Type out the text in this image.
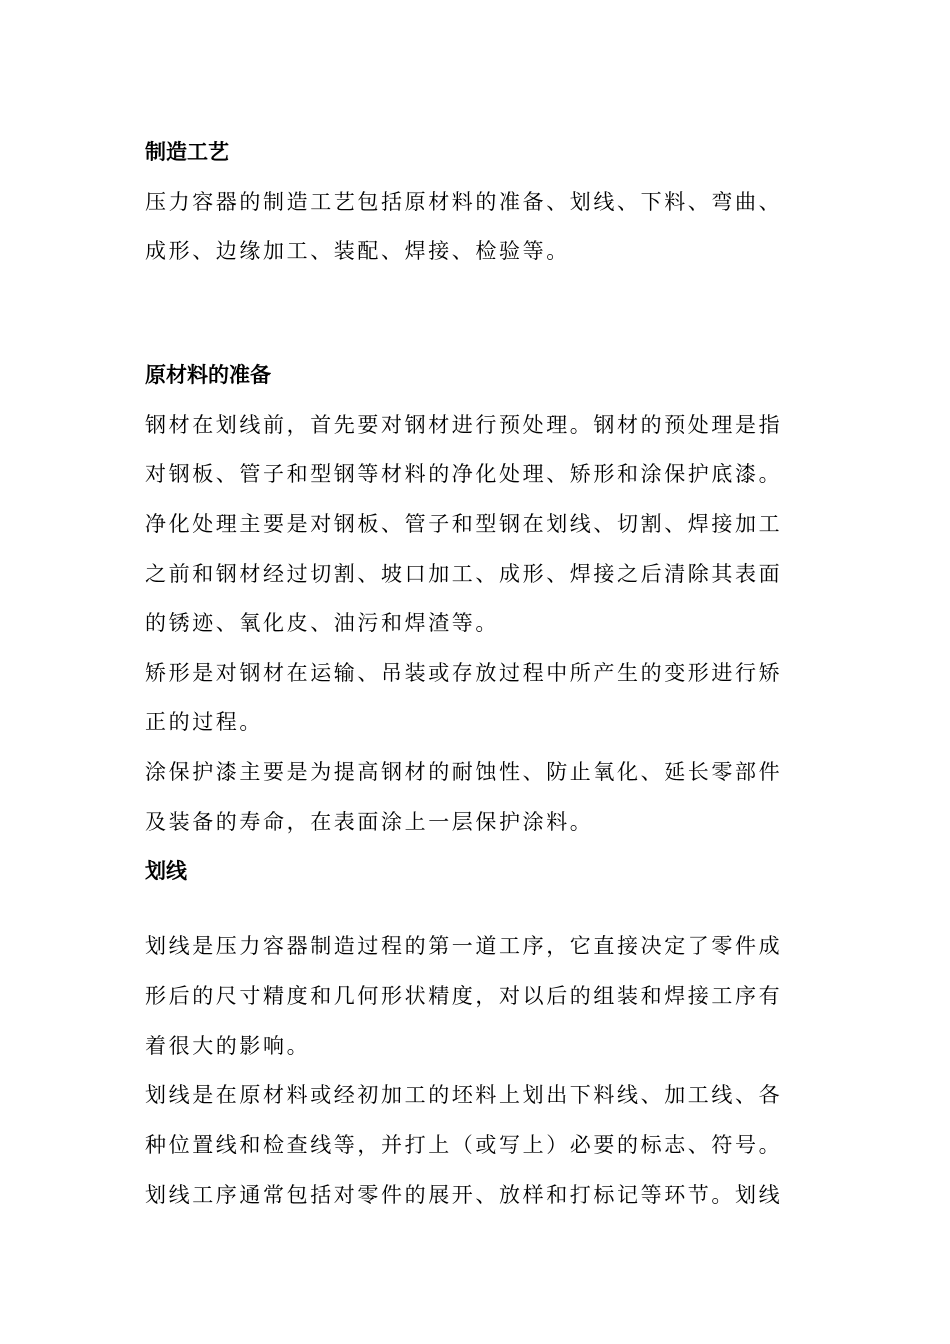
制造工艺
压力容器的制造工艺包括原材料的准备、划线、下料、弯曲、
成形、边缘加工、装配、焊接、检验等。
原材料的准备
钢材在划线前，首先要对钢材进行预处理。钢材的预处理是指
对钢板、管子和型钢等材料的净化处理、矫形和涂保护底漆。
净化处理主要是对钢板、管子和型钢在划线、切割、焊接加工
之前和钢材经过切割、坡口加工、成形、焊接之后清除其表面
的锈迹、氧化皮、油污和焊渣等。
矫形是对钢材在运输、吊装或存放过程中所产生的变形进行矫
正的过程。
涂保护漆主要是为提高钢材的耐蚀性、防止氧化、延长零部件
及装备的寿命，在表面涂上一层保护涂料。
划线
划线是压力容器制造过程的第一道工序，它直接决定了零件成
形后的尺寸精度和几何形状精度，对以后的组装和焊接工序有
着很大的影响。
划线是在原材料或经初加工的坯料上划出下料线、加工线、各
种位置线和检查线等，并打上（或写上）必要的标志、符号。
划线工序通常包括对零件的展开、放样和打标记等环节。划线
